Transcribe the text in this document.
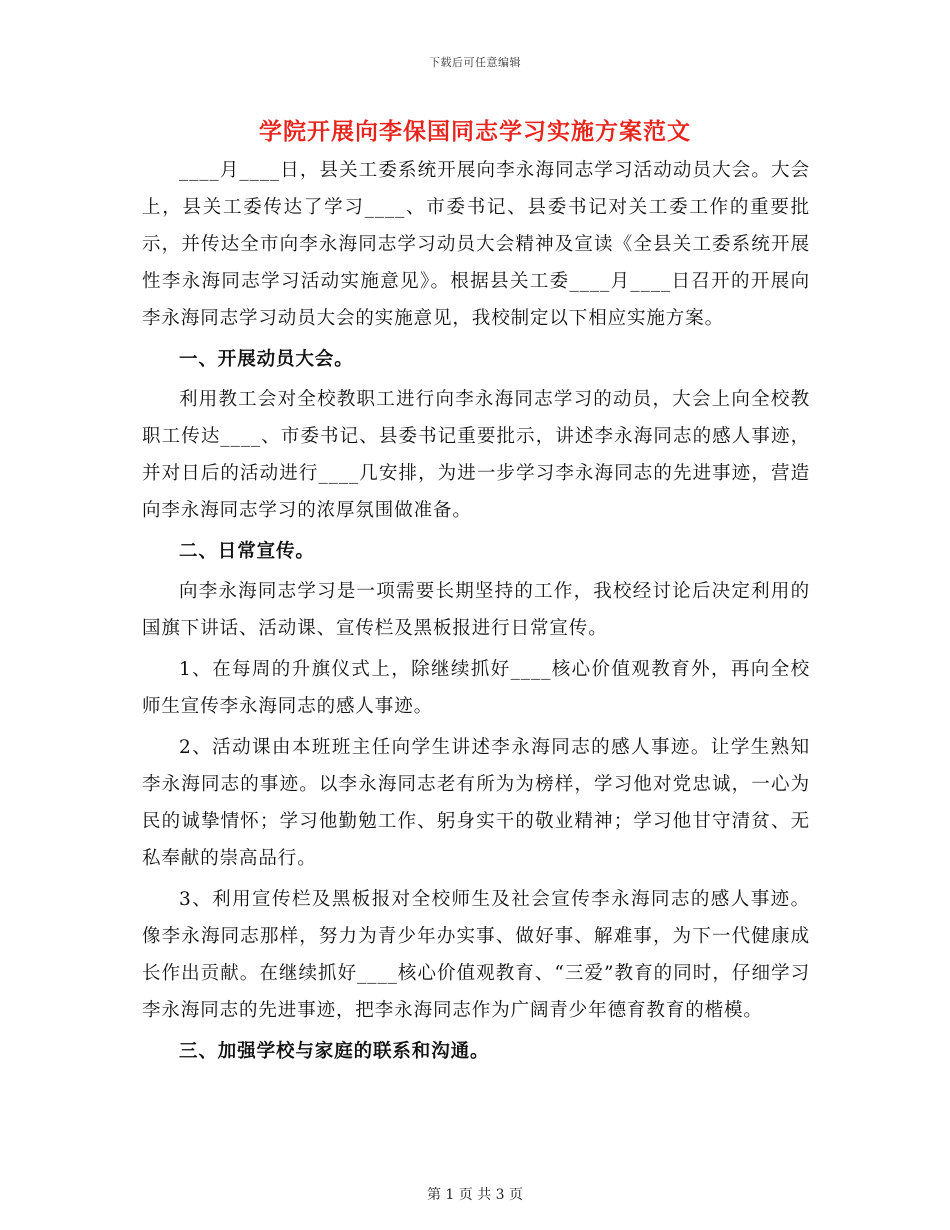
下载后可任意编辑
学院开展向李保国同志学习实施方案范文

____月____日，县关工委系统开展向李永海同志学习活动动员大会。大会上，县关工委传达了学习____、市委书记、县委书记对关工委工作的重要批示，并传达全市向李永海同志学习动员大会精神及宣读《全县关工委系统开展性李永海同志学习活动实施意见》。根据县关工委____月____日召开的开展向李永海同志学习动员大会的实施意见，我校制定以下相应实施方案。

一、开展动员大会。

利用教工会对全校教职工进行向李永海同志学习的动员，大会上向全校教职工传达____、市委书记、县委书记重要批示，讲述李永海同志的感人事迹，并对日后的活动进行____几安排，为进一步学习李永海同志的先进事迹，营造向李永海同志学习的浓厚氛围做准备。

二、日常宣传。

向李永海同志学习是一项需要长期坚持的工作，我校经讨论后决定利用的国旗下讲话、活动课、宣传栏及黑板报进行日常宣传。

1、在每周的升旗仪式上，除继续抓好____核心价值观教育外，再向全校师生宣传李永海同志的感人事迹。

2、活动课由本班班主任向学生讲述李永海同志的感人事迹。让学生熟知李永海同志的事迹。以李永海同志老有所为为榜样，学习他对党忠诚，一心为民的诚挚情怀；学习他勤勉工作、躬身实干的敬业精神；学习他甘守清贫、无私奉献的崇高品行。

3、利用宣传栏及黑板报对全校师生及社会宣传李永海同志的感人事迹。像李永海同志那样，努力为青少年办实事、做好事、解难事，为下一代健康成长作出贡献。在继续抓好____核心价值观教育、“三爱”教育的同时，仔细学习李永海同志的先进事迹，把李永海同志作为广阔青少年德育教育的楷模。

三、加强学校与家庭的联系和沟通。

第 1 页 共 3 页
